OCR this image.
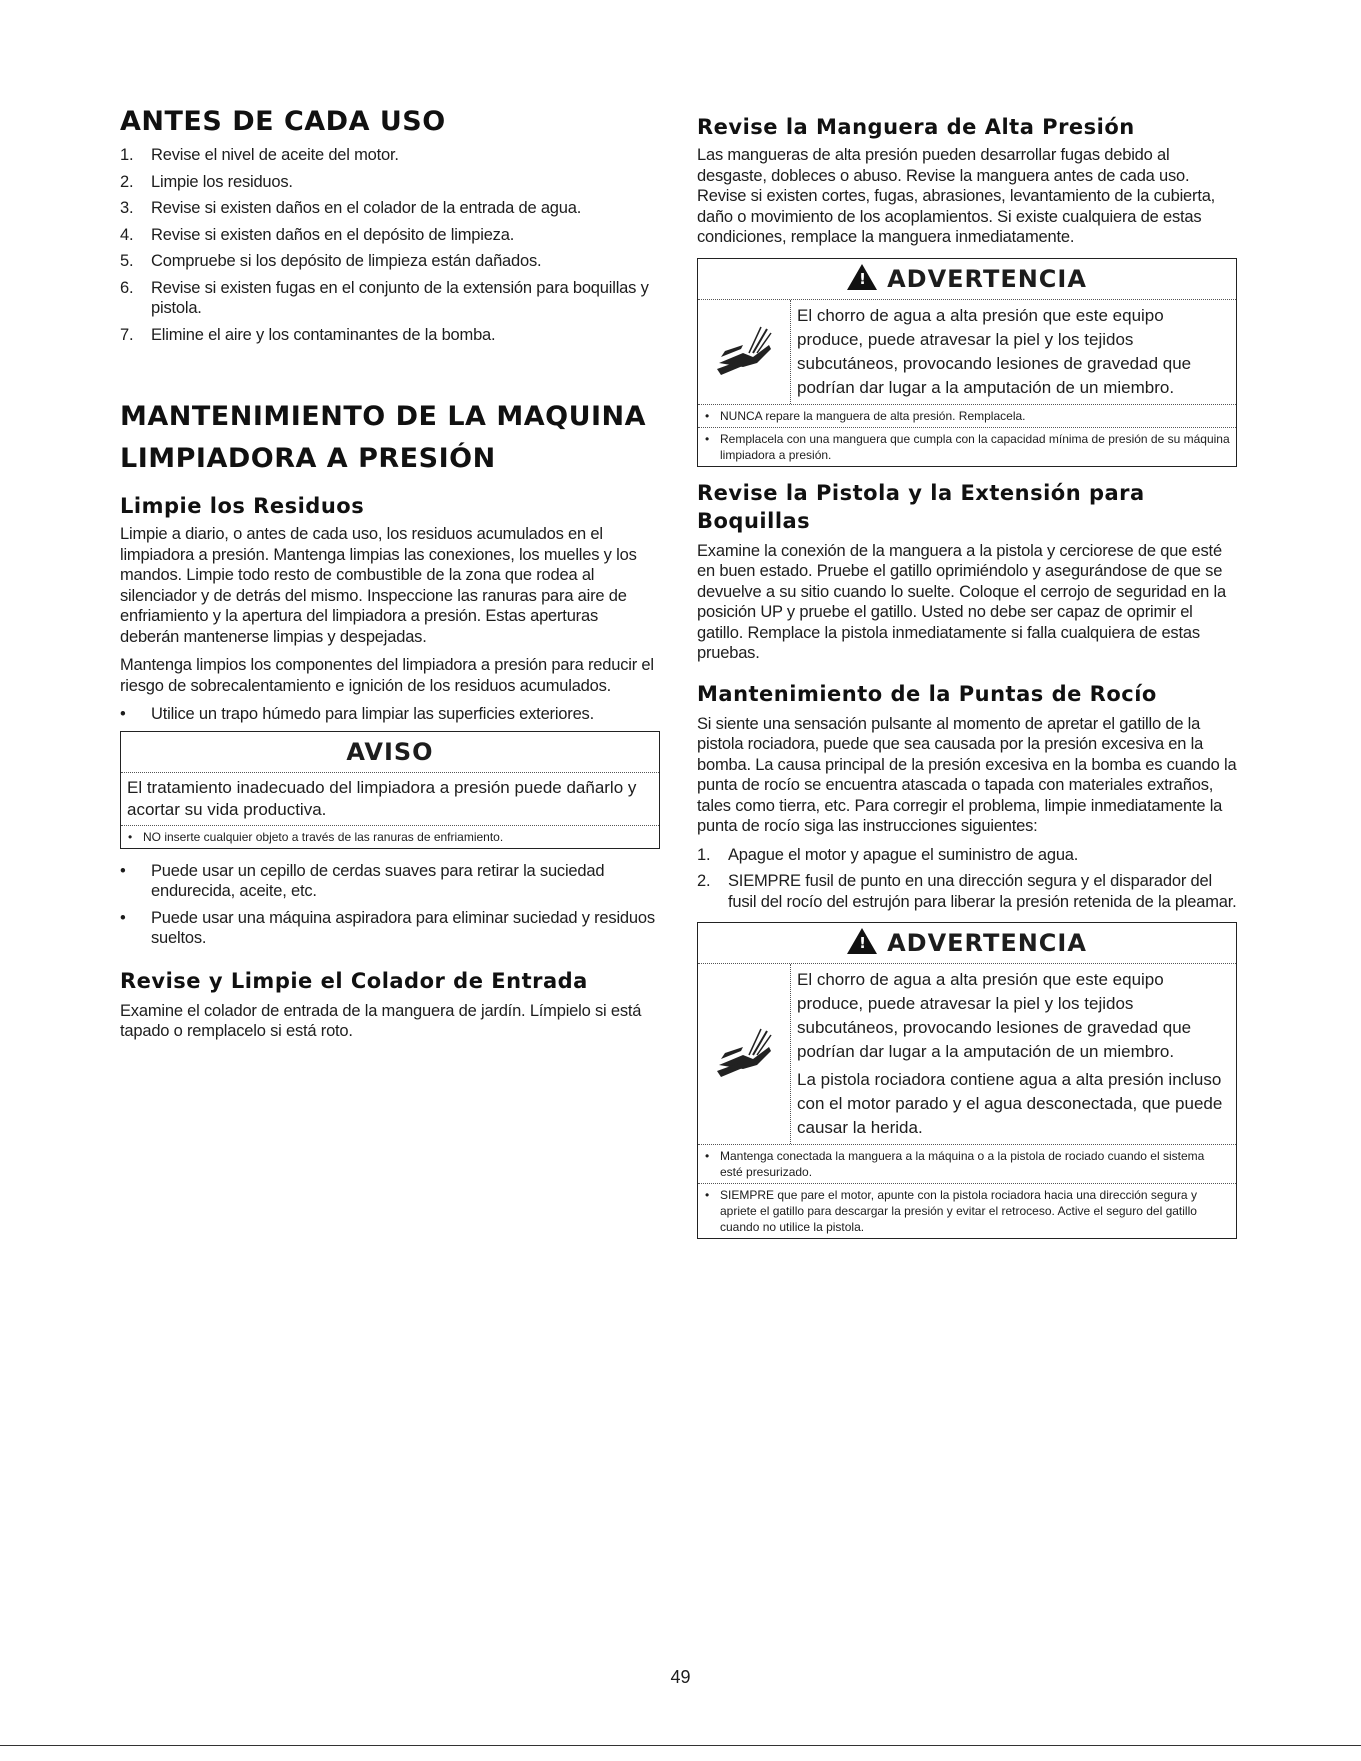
ANTES DE CADA USO
1. Revise el nivel de aceite del motor.
2. Limpie los residuos.
3. Revise si existen daños en el colador de la entrada de agua.
4. Revise si existen daños en el depósito de limpieza.
5. Compruebe si los depósito de limpieza están dañados.
6. Revise si existen fugas en el conjunto de la extensión para boquillas y pistola.
7. Elimine el aire y los contaminantes de la bomba.
MANTENIMIENTO DE LA MAQUINA
LIMPIADORA A PRESIÓN
Limpie los Residuos

Limpie a diario, o antes de cada uso, los residuos acumulados en el limpiadora a presión. Mantenga limpias las conexiones, los muelles y los mandos. Limpie todo resto de combustible de la zona que rodea al silenciador y de detrás del mismo. Inspeccione las ranuras para aire de enfriamiento y la apertura del limpiadora a presión. Estas aperturas deberán mantenerse limpias y despejadas.

Mantenga limpios los componentes del limpiadora a presión para reducir el riesgo de sobrecalentamiento e ignición de los residuos acumulados.

• Utilice un trapo húmedo para limpiar las superficies exteriores.
AVISO
El tratamiento inadecuado del limpiadora a presión puede dañarlo y acortar su vida productiva.
• NO inserte cualquier objeto a través de las ranuras de enfriamiento.
• Puede usar un cepillo de cerdas suaves para retirar la suciedad endurecida, aceite, etc.
• Puede usar una máquina aspiradora para eliminar suciedad y residuos sueltos.
Revise y Limpie el Colador de Entrada

Examine el colador de entrada de la manguera de jardín. Límpielo si está tapado o remplacelo si está roto.

Revise la Manguera de Alta Presión

Las mangueras de alta presión pueden desarrollar fugas debido al desgaste, dobleces o abuso. Revise la manguera antes de cada uso. Revise si existen cortes, fugas, abrasiones, levantamiento de la cubierta, daño o movimiento de los acoplamientos. Si existe cualquiera de estas condiciones, remplace la manguera inmediatamente.

! ADVERTENCIA
El chorro de agua a alta presión que este equipo produce, puede atravesar la piel y los tejidos subcutáneos, provocando lesiones de gravedad que podrían dar lugar a la amputación de un miembro.
• NUNCA repare la manguera de alta presión. Remplacela.
• Remplacela con una manguera que cumpla con la capacidad mínima de presión de su máquina limpiadora a presión.
Revise la Pistola y la Extensión para Boquillas

Examine la conexión de la manguera a la pistola y cerciorese de que esté en buen estado. Pruebe el gatillo oprimiéndolo y asegurándose de que se devuelve a su sitio cuando lo suelte. Coloque el cerrojo de seguridad en la posición UP y pruebe el gatillo. Usted no debe ser capaz de oprimir el gatillo. Remplace la pistola inmediatamente si falla cualquiera de estas pruebas.

Mantenimiento de la Puntas de Rocío

Si siente una sensación pulsante al momento de apretar el gatillo de la pistola rociadora, puede que sea causada por la presión excesiva en la bomba. La causa principal de la presión excesiva en la bomba es cuando la punta de rocío se encuentra atascada o tapada con materiales extraños, tales como tierra, etc. Para corregir el problema, limpie inmediatamente la punta de rocío siga las instrucciones siguientes:

1. Apague el motor y apague el suministro de agua.
2. SIEMPRE fusil de punto en una dirección segura y el disparador del fusil del rocío del estrujón para liberar la presión retenida de la pleamar.
! ADVERTENCIA
El chorro de agua a alta presión que este equipo produce, puede atravesar la piel y los tejidos subcutáneos, provocando lesiones de gravedad que podrían dar lugar a la amputación de un miembro.
La pistola rociadora contiene agua a alta presión incluso con el motor parado y el agua desconectada, que puede causar la herida.
• Mantenga conectada la manguera a la máquina o a la pistola de rociado cuando el sistema esté presurizado.
• SIEMPRE que pare el motor, apunte con la pistola rociadora hacia una dirección segura y apriete el gatillo para descargar la presión y evitar el retroceso. Active el seguro del gatillo cuando no utilice la pistola.
49
